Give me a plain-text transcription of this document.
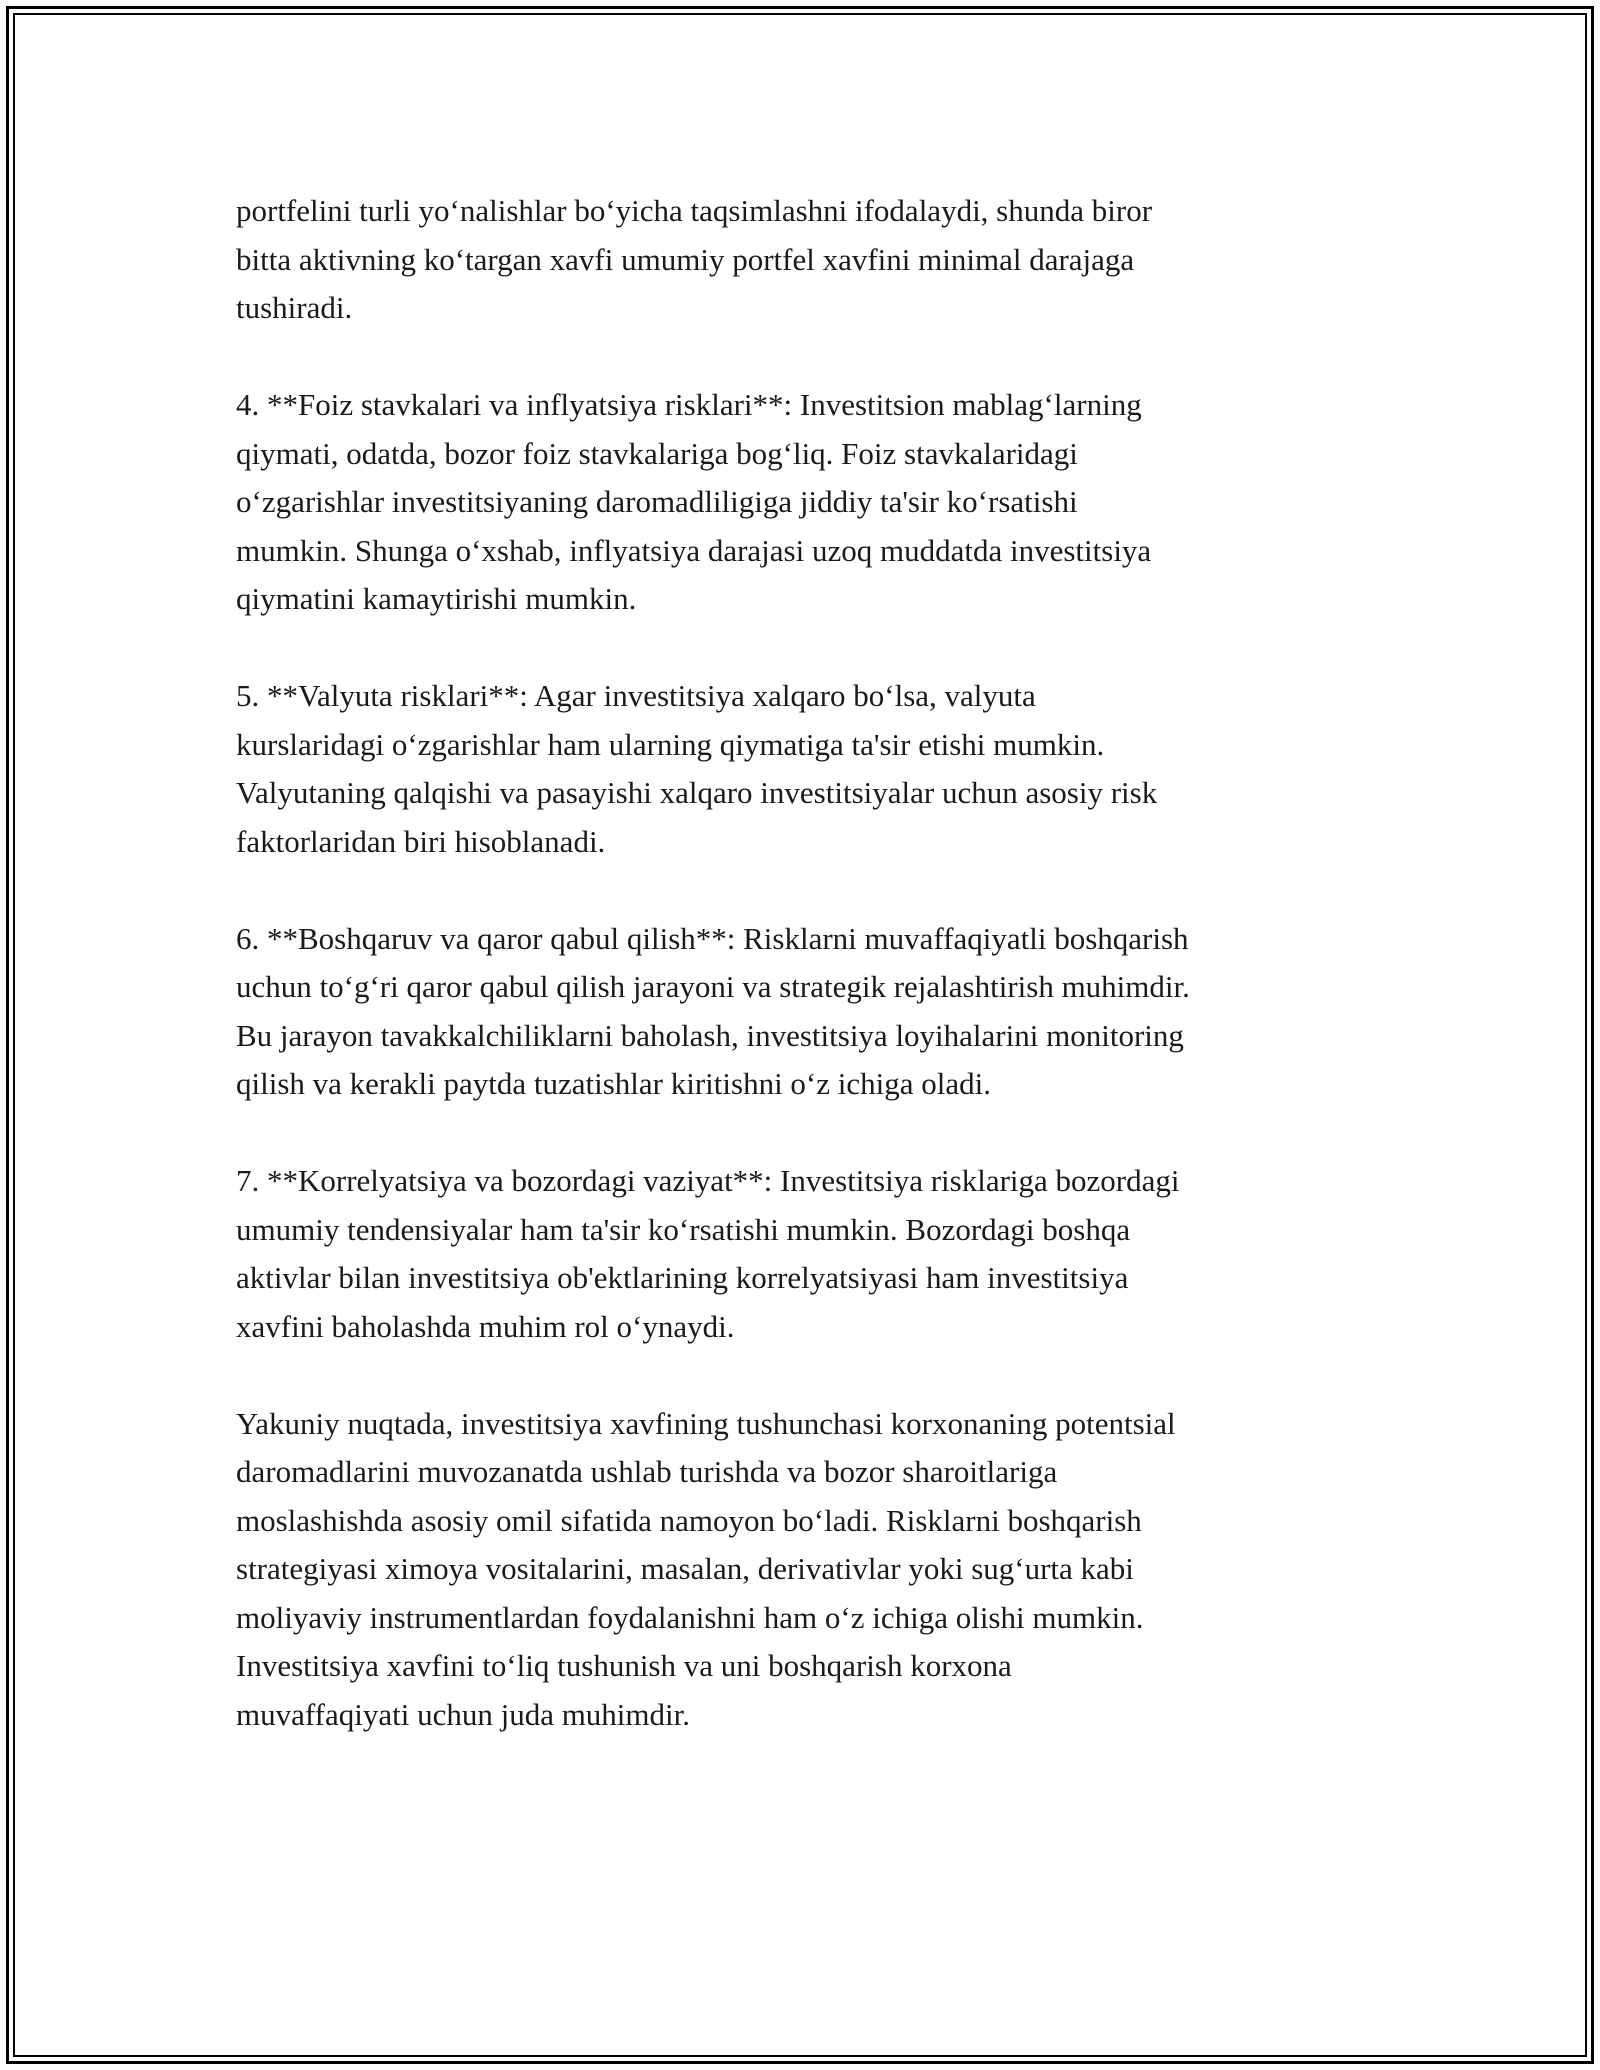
portfelini turli yo‘nalishlar bo‘yicha taqsimlashni ifodalaydi, shunda biror
bitta aktivning ko‘targan xavfi umumiy portfel xavfini minimal darajaga
tushiradi.

4. **Foiz stavkalari va inflyatsiya risklari**: Investitsion mablag‘larning
qiymati, odatda, bozor foiz stavkalariga bog‘liq. Foiz stavkalaridagi
o‘zgarishlar investitsiyaning daromadliligiga jiddiy ta'sir ko‘rsatishi
mumkin. Shunga o‘xshab, inflyatsiya darajasi uzoq muddatda investitsiya
qiymatini kamaytirishi mumkin.

5. **Valyuta risklari**: Agar investitsiya xalqaro bo‘lsa, valyuta
kurslaridagi o‘zgarishlar ham ularning qiymatiga ta'sir etishi mumkin.
Valyutaning qalqishi va pasayishi xalqaro investitsiyalar uchun asosiy risk
faktorlaridan biri hisoblanadi.

6. **Boshqaruv va qaror qabul qilish**: Risklarni muvaffaqiyatli boshqarish
uchun to‘g‘ri qaror qabul qilish jarayoni va strategik rejalashtirish muhimdir.
Bu jarayon tavakkalchiliklarni baholash, investitsiya loyihalarini monitoring
qilish va kerakli paytda tuzatishlar kiritishni o‘z ichiga oladi.

7. **Korrelyatsiya va bozordagi vaziyat**: Investitsiya risklariga bozordagi
umumiy tendensiyalar ham ta'sir ko‘rsatishi mumkin. Bozordagi boshqa
aktivlar bilan investitsiya ob'ektlarining korrelyatsiyasi ham investitsiya
xavfini baholashda muhim rol o‘ynaydi.

Yakuniy nuqtada, investitsiya xavfining tushunchasi korxonaning potentsial
daromadlarini muvozanatda ushlab turishda va bozor sharoitlariga
moslashishda asosiy omil sifatida namoyon bo‘ladi. Risklarni boshqarish
strategiyasi ximoya vositalarini, masalan, derivativlar yoki sug‘urta kabi
moliyaviy instrumentlardan foydalanishni ham o‘z ichiga olishi mumkin.
Investitsiya xavfini to‘liq tushunish va uni boshqarish korxona
muvaffaqiyati uchun juda muhimdir.
